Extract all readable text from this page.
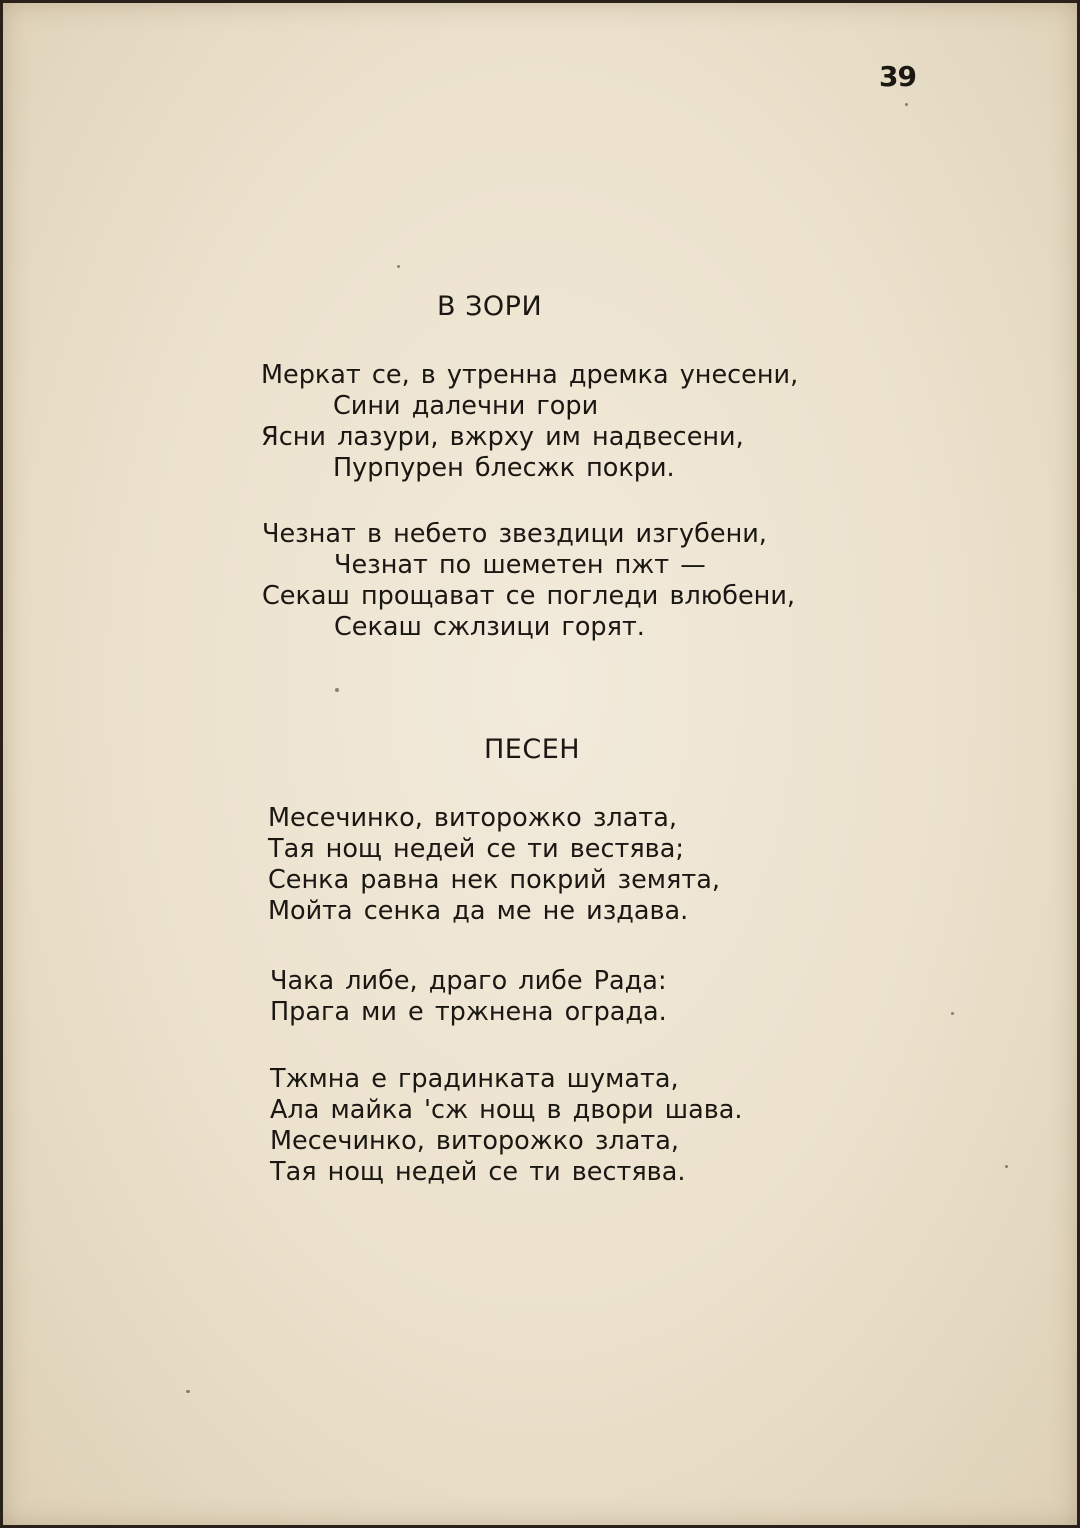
39
В ЗОРИ
Меркат се, в утренна дремка унесени,
Сини далечни гори
Ясни лазури, вжрху им надвесени,
Пурпурен блесжк покри.
Чезнат в небето звездици изгубени,
Чезнат по шеметен пжт —
Секаш прощават се погледи влюбени,
Секаш сжлзици горят.
ПЕСЕН
Месечинко, виторожко злата,
Тая нощ недей се ти вестява;
Сенка равна нек покрий земята,
Мойта сенка да ме не издава.
Чака либе, драго либе Рада:
Прага ми е тржнена ограда.
Тжмна е градинката шумата,
Ала майка 'сж нощ в двори шава.
Месечинко, виторожко злата,
Тая нощ недей се ти вестява.
